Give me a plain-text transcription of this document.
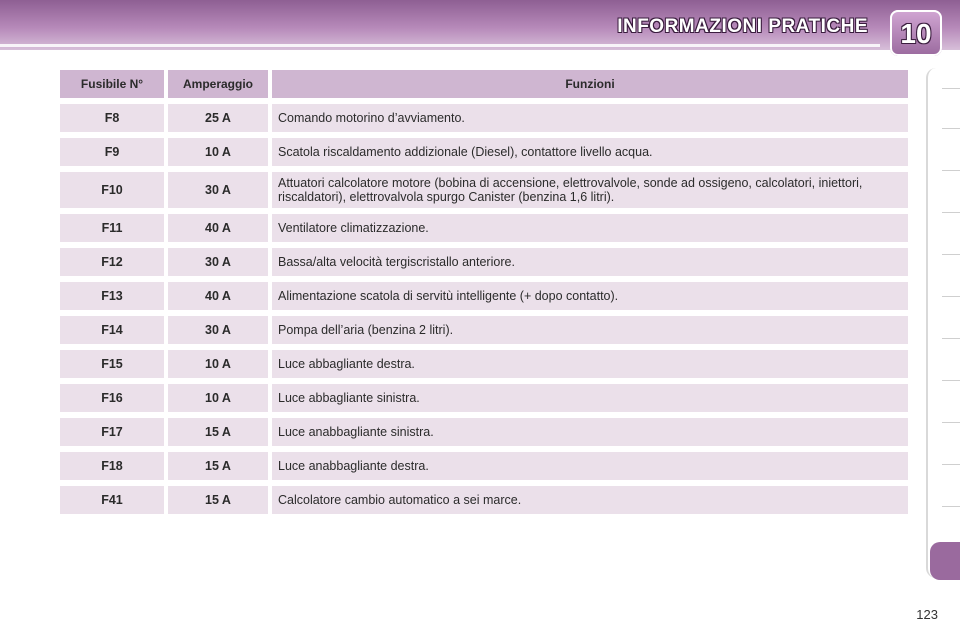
INFORMAZIONI PRATICHE	10
Fusibile N°	Amperaggio	Funzioni
F8	25 A	Comando motorino d’avviamento.
F9	10 A	Scatola riscaldamento addizionale (Diesel), contattore livello acqua.
F10	30 A	Attuatori calcolatore motore (bobina di accensione, elettrovalvole, sonde ad ossigeno, calcolatori, iniettori, riscaldatori), elettrovalvola spurgo Canister (benzina 1,6 litri).
F11	40 A	Ventilatore climatizzazione.
F12	30 A	Bassa/alta velocità tergiscristallo anteriore.
F13	40 A	Alimentazione scatola di servitù intelligente (+ dopo contatto).
F14	30 A	Pompa dell’aria (benzina 2 litri).
F15	10 A	Luce abbagliante destra.
F16	10 A	Luce abbagliante sinistra.
F17	15 A	Luce anabbagliante sinistra.
F18	15 A	Luce anabbagliante destra.
F41	15 A	Calcolatore cambio automatico a sei marce.
123
